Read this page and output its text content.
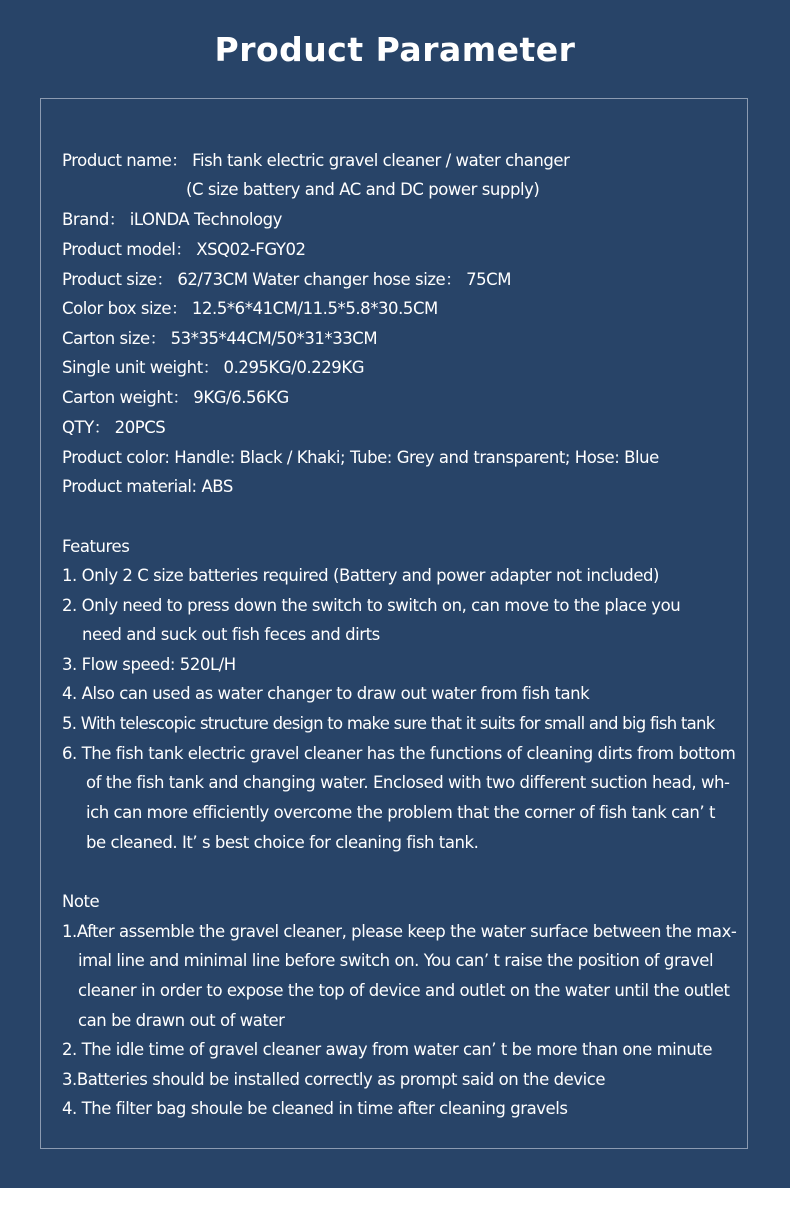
Product Parameter
Product name： Fish tank electric gravel cleaner / water changer
(C size battery and AC and DC power supply)
Brand： iLONDA Technology
Product model： XSQ02-FGY02
Product size： 62/73CM Water changer hose size： 75CM
Color box size： 12.5*6*41CM/11.5*5.8*30.5CM
Carton size： 53*35*44CM/50*31*33CM
Single unit weight： 0.295KG/0.229KG
Carton weight： 9KG/6.56KG
QTY： 20PCS
Product color: Handle: Black / Khaki; Tube: Grey and transparent; Hose: Blue
Product material: ABS
Features
1. Only 2 C size batteries required (Battery and power adapter not included)
2. Only need to press down the switch to switch on, can move to the place you
need and suck out fish feces and dirts
3. Flow speed: 520L/H
4. Also can used as water changer to draw out water from fish tank
5. With telescopic structure design to make sure that it suits for small and big fish tank
6. The fish tank electric gravel cleaner has the functions of cleaning dirts from bottom
of the fish tank and changing water. Enclosed with two different suction head, wh-
ich can more efficiently overcome the problem that the corner of fish tank can’ t
be cleaned. It’ s best choice for cleaning fish tank.
Note
1.After assemble the gravel cleaner, please keep the water surface between the max-
imal line and minimal line before switch on. You can’ t raise the position of gravel
cleaner in order to expose the top of device and outlet on the water until the outlet
can be drawn out of water
2. The idle time of gravel cleaner away from water can’ t be more than one minute
3.Batteries should be installed correctly as prompt said on the device
4. The filter bag shoule be cleaned in time after cleaning gravels
